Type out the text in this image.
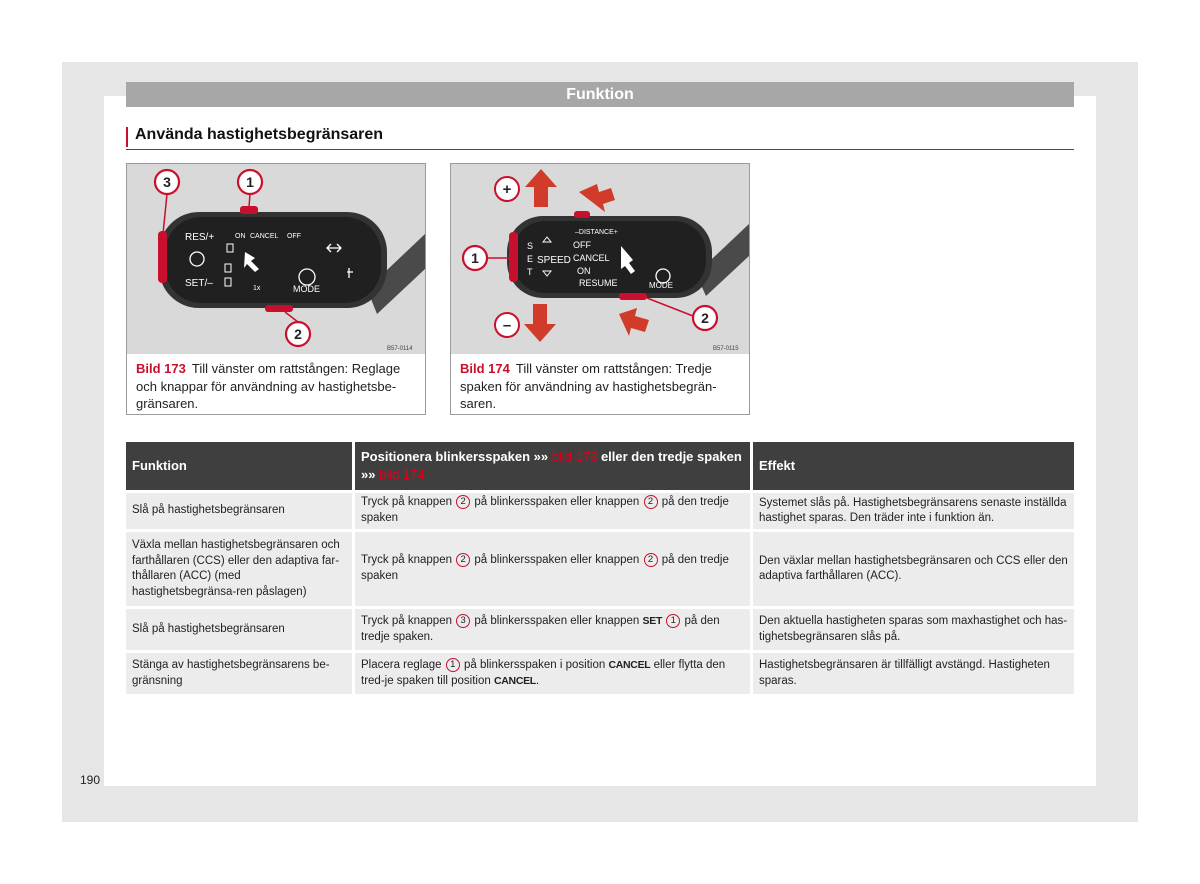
Funktion
Använda hastighetsbegränsaren
RES/+
SET/–
ON CANCEL OFF
MODE
1x
3	1
2
B57-0114
Bild 173 Till vänster om rattstången: Reglage och knappar för användning av hastighetsbe-gränsaren.
–DISTANCE+
S
E
T
SPEED
OFF
CANCEL
ON
RESUME	MODE
+
–
1
2
B57-0115
Bild 174 Till vänster om rattstången: Tredje spaken för användning av hastighetsbegrän-saren.
Funktion
Positionera blinkersspaken »» bild 173 eller den tredje spaken
»» bild 174
Effekt
Slå på hastighetsbegränsaren
Tryck på knappen 2 på blinkersspaken eller knappen 2 på den tredje spaken
Systemet slås på. Hastighetsbegränsarens senaste inställda hastighet sparas. Den träder inte i funktion än.
Växla mellan hastighetsbegränsaren och farthållaren (CCS) eller den adaptiva far-thållaren (ACC) (med hastighetsbegränsa-ren påslagen)
Tryck på knappen 2 på blinkersspaken eller knappen 2 på den tredje spaken
Den växlar mellan hastighetsbegränsaren och CCS eller den adaptiva farthållaren (ACC).
Slå på hastighetsbegränsaren
Tryck på knappen 3 på blinkersspaken eller knappen SET 1 på den tredje spaken.
Den aktuella hastigheten sparas som maxhastighet och has-tighetsbegränsaren slås på.
Stänga av hastighetsbegränsarens be-gränsning
Placera reglage 1 på blinkersspaken i position CANCEL eller flytta den tred-je spaken till position CANCEL.
Hastighetsbegränsaren är tillfälligt avstängd. Hastigheten sparas.
190
